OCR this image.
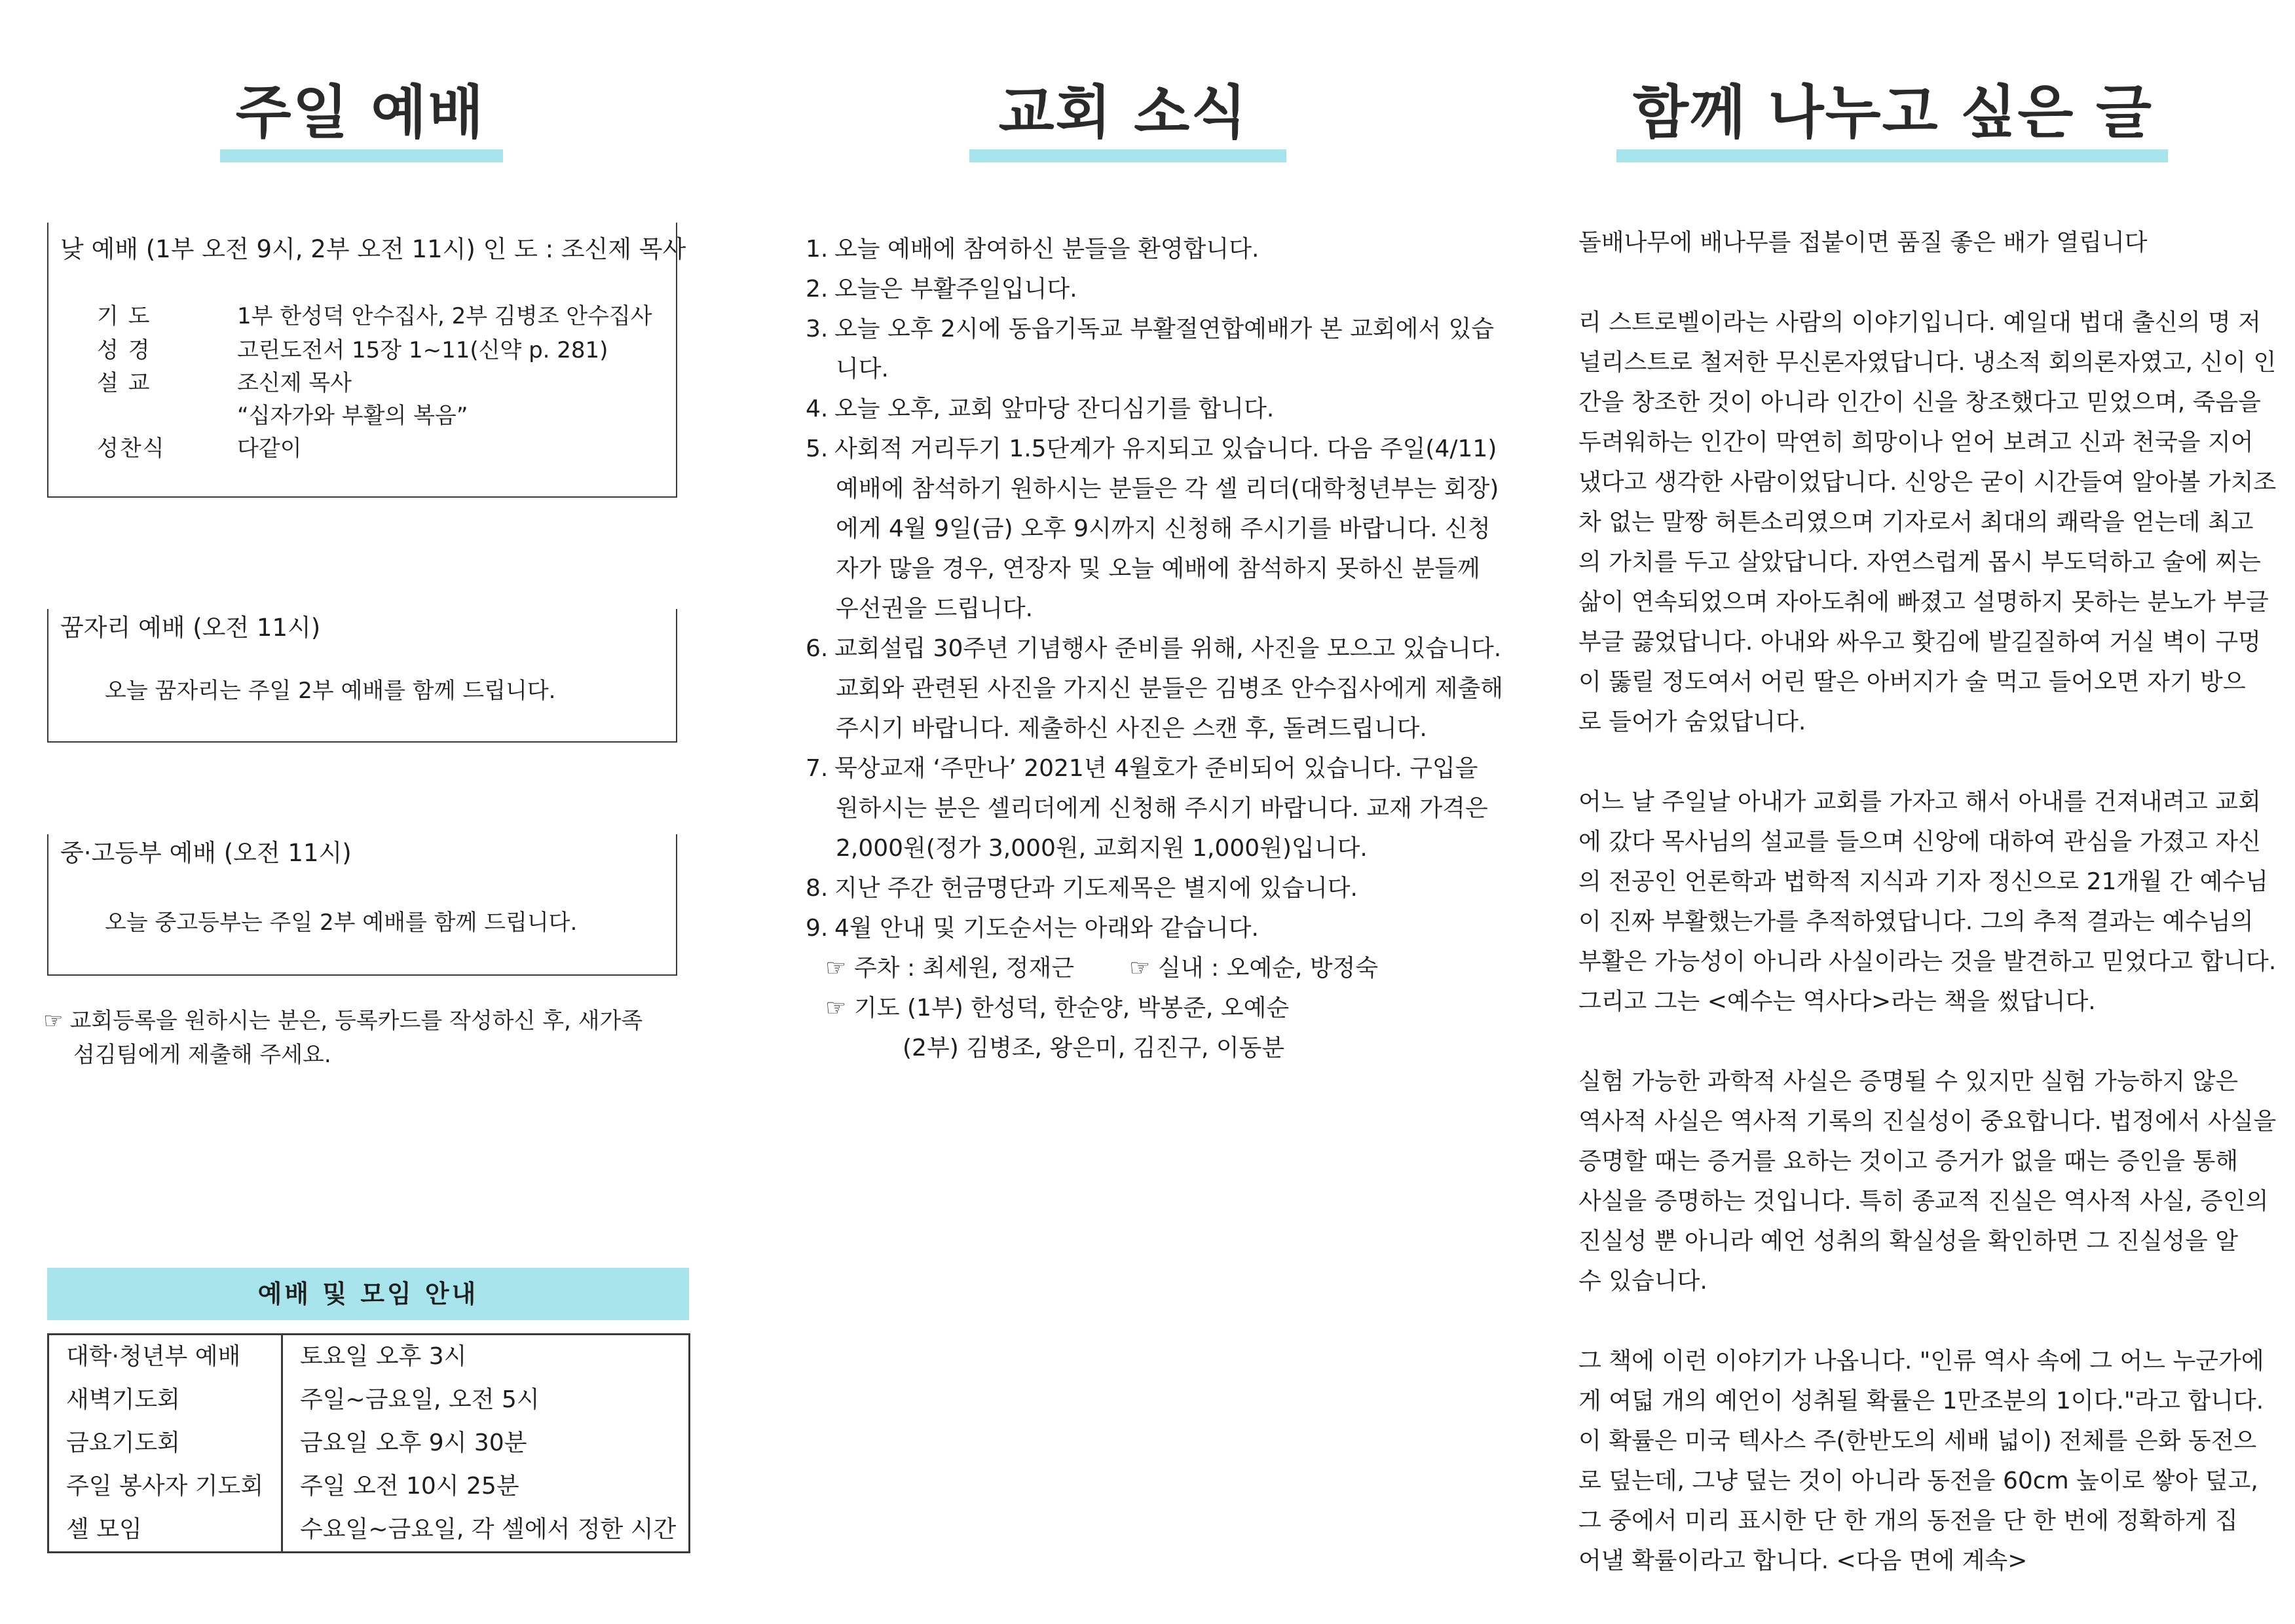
주일 예배	교회 소식	함께 나누고 싶은 글
낮 예배 (1부 오전 9시, 2부 오전 11시) 인 도 : 조신제 목사
기 도	1부 한성덕 안수집사, 2부 김병조 안수집사
성 경	고린도전서 15장 1~11(신약 p. 281)
설 교	조신제 목사
“십자가와 부활의 복음”
성찬식	다같이
꿈자리 예배 (오전 11시)
오늘 꿈자리는 주일 2부 예배를 함께 드립니다.
중·고등부 예배 (오전 11시)
오늘 중고등부는 주일 2부 예배를 함께 드립니다.
☞ 교회등록을 원하시는 분은, 등록카드를 작성하신 후, 새가족
섬김팀에게 제출해 주세요.
예배 및 모임 안내
대학·청년부 예배	토요일 오후 3시
새벽기도회	주일~금요일, 오전 5시
금요기도회	금요일 오후 9시 30분
주일 봉사자 기도회	주일 오전 10시 25분
셀 모임	수요일~금요일, 각 셀에서 정한 시간
1. 오늘 예배에 참여하신 분들을 환영합니다.
2. 오늘은 부활주일입니다.
3. 오늘 오후 2시에 동읍기독교 부활절연합예배가 본 교회에서 있습
니다.
4. 오늘 오후, 교회 앞마당 잔디심기를 합니다.
5. 사회적 거리두기 1.5단계가 유지되고 있습니다. 다음 주일(4/11)
예배에 참석하기 원하시는 분들은 각 셀 리더(대학청년부는 회장)
에게 4월 9일(금) 오후 9시까지 신청해 주시기를 바랍니다. 신청
자가 많을 경우, 연장자 및 오늘 예배에 참석하지 못하신 분들께
우선권을 드립니다.
6. 교회설립 30주년 기념행사 준비를 위해, 사진을 모으고 있습니다.
교회와 관련된 사진을 가지신 분들은 김병조 안수집사에게 제출해
주시기 바랍니다. 제출하신 사진은 스캔 후, 돌려드립니다.
7. 묵상교재 ‘주만나’ 2021년 4월호가 준비되어 있습니다. 구입을
원하시는 분은 셀리더에게 신청해 주시기 바랍니다. 교재 가격은
2,000원(정가 3,000원, 교회지원 1,000원)입니다.
8. 지난 주간 헌금명단과 기도제목은 별지에 있습니다.
9. 4월 안내 및 기도순서는 아래와 같습니다.
☞ 주차 : 최세원, 정재근 ☞ 실내 : 오예순, 방정숙
☞ 기도 (1부) 한성덕, 한순양, 박봉준, 오예순
(2부) 김병조, 왕은미, 김진구, 이동분

돌배나무에 배나무를 접붙이면 품질 좋은 배가 열립니다

리 스트로벨이라는 사람의 이야기입니다. 예일대 법대 출신의 명 저

널리스트로 철저한 무신론자였답니다. 냉소적 회의론자였고, 신이 인

간을 창조한 것이 아니라 인간이 신을 창조했다고 믿었으며, 죽음을

두려워하는 인간이 막연히 희망이나 얻어 보려고 신과 천국을 지어

냈다고 생각한 사람이었답니다. 신앙은 굳이 시간들여 알아볼 가치조

차 없는 말짱 허튼소리였으며 기자로서 최대의 쾌락을 얻는데 최고

의 가치를 두고 살았답니다. 자연스럽게 몹시 부도덕하고 술에 찌는

삶이 연속되었으며 자아도취에 빠졌고 설명하지 못하는 분노가 부글

부글 끓었답니다. 아내와 싸우고 홧김에 발길질하여 거실 벽이 구멍

이 뚫릴 정도여서 어린 딸은 아버지가 술 먹고 들어오면 자기 방으

로 들어가 숨었답니다.

어느 날 주일날 아내가 교회를 가자고 해서 아내를 건져내려고 교회

에 갔다 목사님의 설교를 들으며 신앙에 대하여 관심을 가졌고 자신

의 전공인 언론학과 법학적 지식과 기자 정신으로 21개월 간 예수님

이 진짜 부활했는가를 추적하였답니다. 그의 추적 결과는 예수님의

부활은 가능성이 아니라 사실이라는 것을 발견하고 믿었다고 합니다.

그리고 그는 <예수는 역사다>라는 책을 썼답니다.

실험 가능한 과학적 사실은 증명될 수 있지만 실험 가능하지 않은

역사적 사실은 역사적 기록의 진실성이 중요합니다. 법정에서 사실을

증명할 때는 증거를 요하는 것이고 증거가 없을 때는 증인을 통해

사실을 증명하는 것입니다. 특히 종교적 진실은 역사적 사실, 증인의

진실성 뿐 아니라 예언 성취의 확실성을 확인하면 그 진실성을 알

수 있습니다.

그 책에 이런 이야기가 나옵니다. "인류 역사 속에 그 어느 누군가에

게 여덟 개의 예언이 성취될 확률은 1만조분의 1이다."라고 합니다.

이 확률은 미국 텍사스 주(한반도의 세배 넓이) 전체를 은화 동전으

로 덮는데, 그냥 덮는 것이 아니라 동전을 60cm 높이로 쌓아 덮고,

그 중에서 미리 표시한 단 한 개의 동전을 단 한 번에 정확하게 집

어낼 확률이라고 합니다. <다음 면에 계속>
